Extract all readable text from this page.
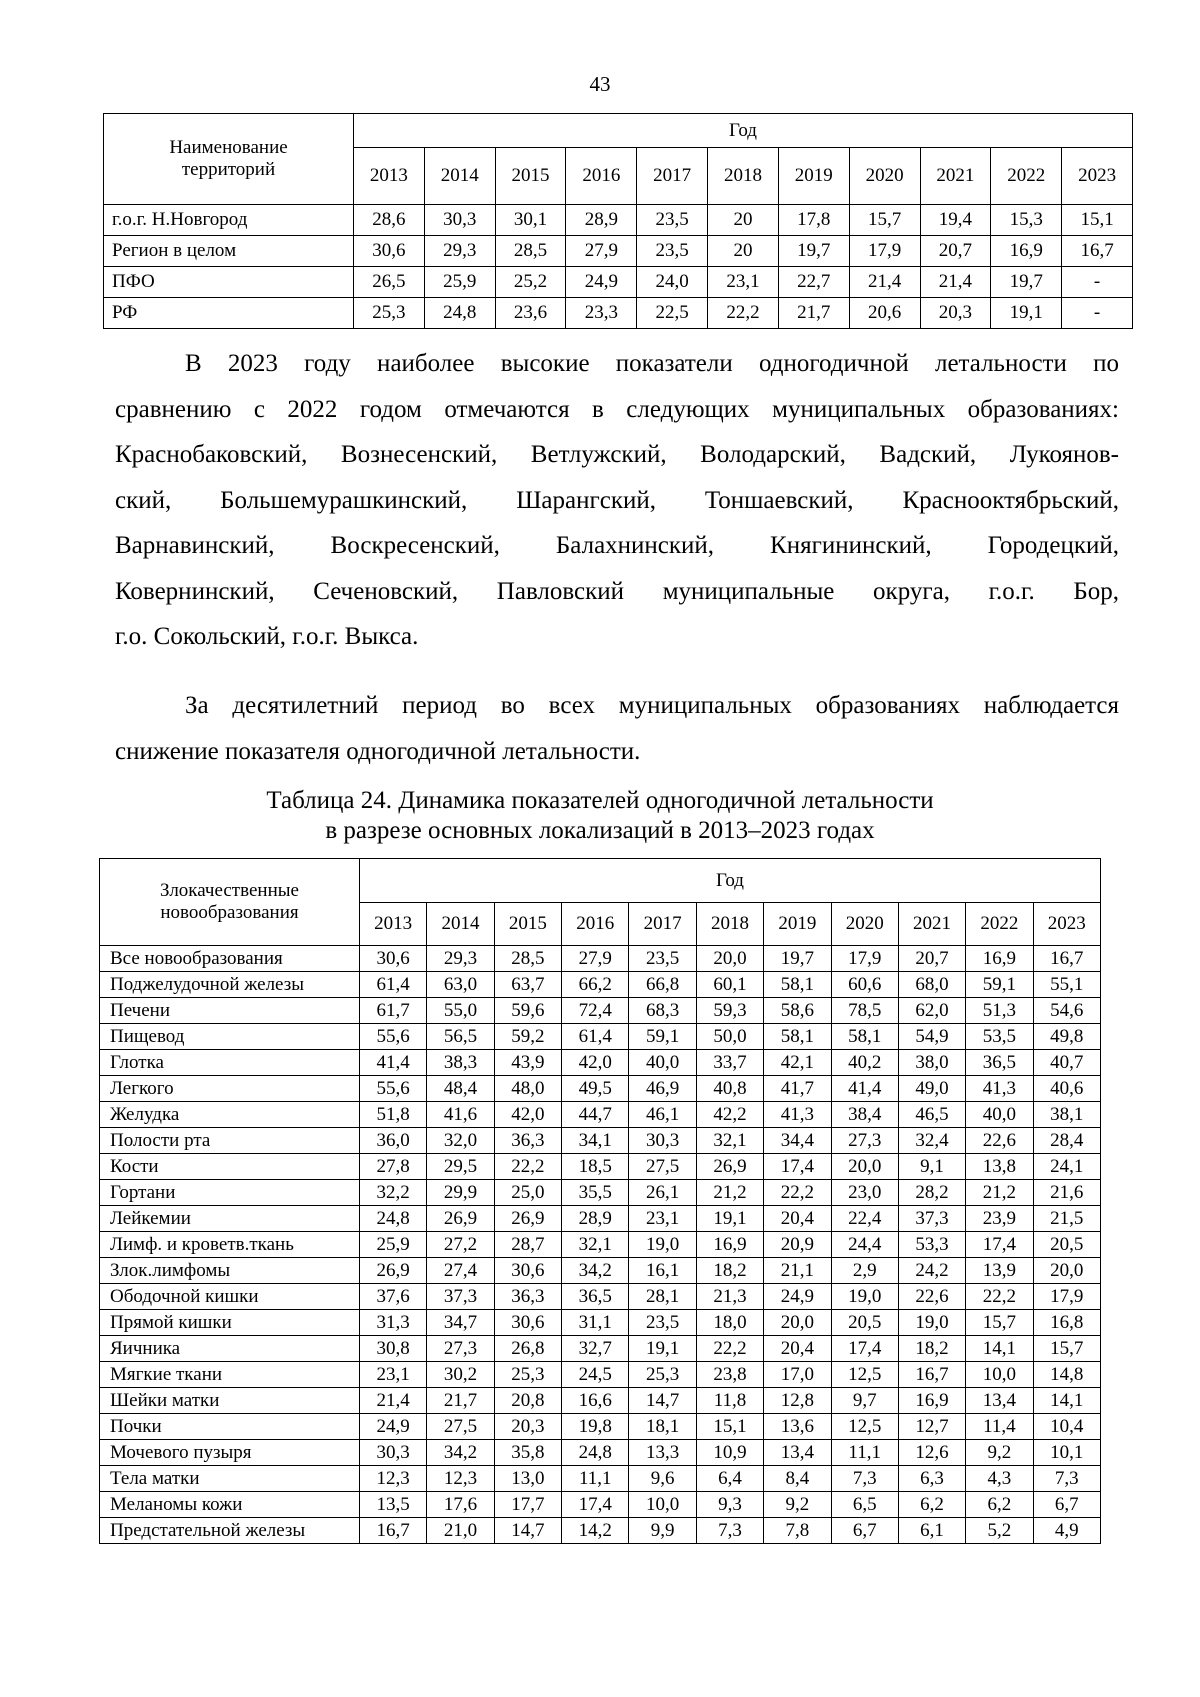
43
Наименование территорий	Год										
	2013	2014	2015	2016	2017	2018	2019	2020	2021	2022	2023
г.о.г. Н.Новгород	28,6	30,3	30,1	28,9	23,5	20	17,8	15,7	19,4	15,3	15,1
Регион в целом	30,6	29,3	28,5	27,9	23,5	20	19,7	17,9	20,7	16,9	16,7
ПФО	26,5	25,9	25,2	24,9	24,0	23,1	22,7	21,4	21,4	19,7	-
РФ	25,3	24,8	23,6	23,3	22,5	22,2	21,7	20,6	20,3	19,1	-
В 2023 году наиболее высокие показатели одногодичной летальности по
сравнению с 2022 годом отмечаются в следующих муниципальных образованиях:
Краснобаковский, Вознесенский, Ветлужский, Володарский, Вадский, Лукоянов-
ский, Большемурашкинский, Шарангский, Тоншаевский, Краснооктябрьский,
Варнавинский, Воскресенский, Балахнинский, Княгининский, Городецкий,
Ковернинский, Сеченовский, Павловский муниципальные округа, г.о.г. Бор,
г.о. Сокольский, г.о.г. Выкса.
За десятилетний период во всех муниципальных образованиях наблюдается
снижение показателя одногодичной летальности.
Таблица 24. Динамика показателей одногодичной летальности
в разрезе основных локализаций в 2013–2023 годах
Злокачественные новообразования	Год										
	2013	2014	2015	2016	2017	2018	2019	2020	2021	2022	2023
Все новообразования	30,6	29,3	28,5	27,9	23,5	20,0	19,7	17,9	20,7	16,9	16,7
Поджелудочной железы	61,4	63,0	63,7	66,2	66,8	60,1	58,1	60,6	68,0	59,1	55,1
Печени	61,7	55,0	59,6	72,4	68,3	59,3	58,6	78,5	62,0	51,3	54,6
Пищевод	55,6	56,5	59,2	61,4	59,1	50,0	58,1	58,1	54,9	53,5	49,8
Глотка	41,4	38,3	43,9	42,0	40,0	33,7	42,1	40,2	38,0	36,5	40,7
Легкого	55,6	48,4	48,0	49,5	46,9	40,8	41,7	41,4	49,0	41,3	40,6
Желудка	51,8	41,6	42,0	44,7	46,1	42,2	41,3	38,4	46,5	40,0	38,1
Полости рта	36,0	32,0	36,3	34,1	30,3	32,1	34,4	27,3	32,4	22,6	28,4
Кости	27,8	29,5	22,2	18,5	27,5	26,9	17,4	20,0	9,1	13,8	24,1
Гортани	32,2	29,9	25,0	35,5	26,1	21,2	22,2	23,0	28,2	21,2	21,6
Лейкемии	24,8	26,9	26,9	28,9	23,1	19,1	20,4	22,4	37,3	23,9	21,5
Лимф. и кроветв.ткань	25,9	27,2	28,7	32,1	19,0	16,9	20,9	24,4	53,3	17,4	20,5
Злок.лимфомы	26,9	27,4	30,6	34,2	16,1	18,2	21,1	2,9	24,2	13,9	20,0
Ободочной кишки	37,6	37,3	36,3	36,5	28,1	21,3	24,9	19,0	22,6	22,2	17,9
Прямой кишки	31,3	34,7	30,6	31,1	23,5	18,0	20,0	20,5	19,0	15,7	16,8
Яичника	30,8	27,3	26,8	32,7	19,1	22,2	20,4	17,4	18,2	14,1	15,7
Мягкие ткани	23,1	30,2	25,3	24,5	25,3	23,8	17,0	12,5	16,7	10,0	14,8
Шейки матки	21,4	21,7	20,8	16,6	14,7	11,8	12,8	9,7	16,9	13,4	14,1
Почки	24,9	27,5	20,3	19,8	18,1	15,1	13,6	12,5	12,7	11,4	10,4
Мочевого пузыря	30,3	34,2	35,8	24,8	13,3	10,9	13,4	11,1	12,6	9,2	10,1
Тела матки	12,3	12,3	13,0	11,1	9,6	6,4	8,4	7,3	6,3	4,3	7,3
Меланомы кожи	13,5	17,6	17,7	17,4	10,0	9,3	9,2	6,5	6,2	6,2	6,7
Предстательной железы	16,7	21,0	14,7	14,2	9,9	7,3	7,8	6,7	6,1	5,2	4,9
